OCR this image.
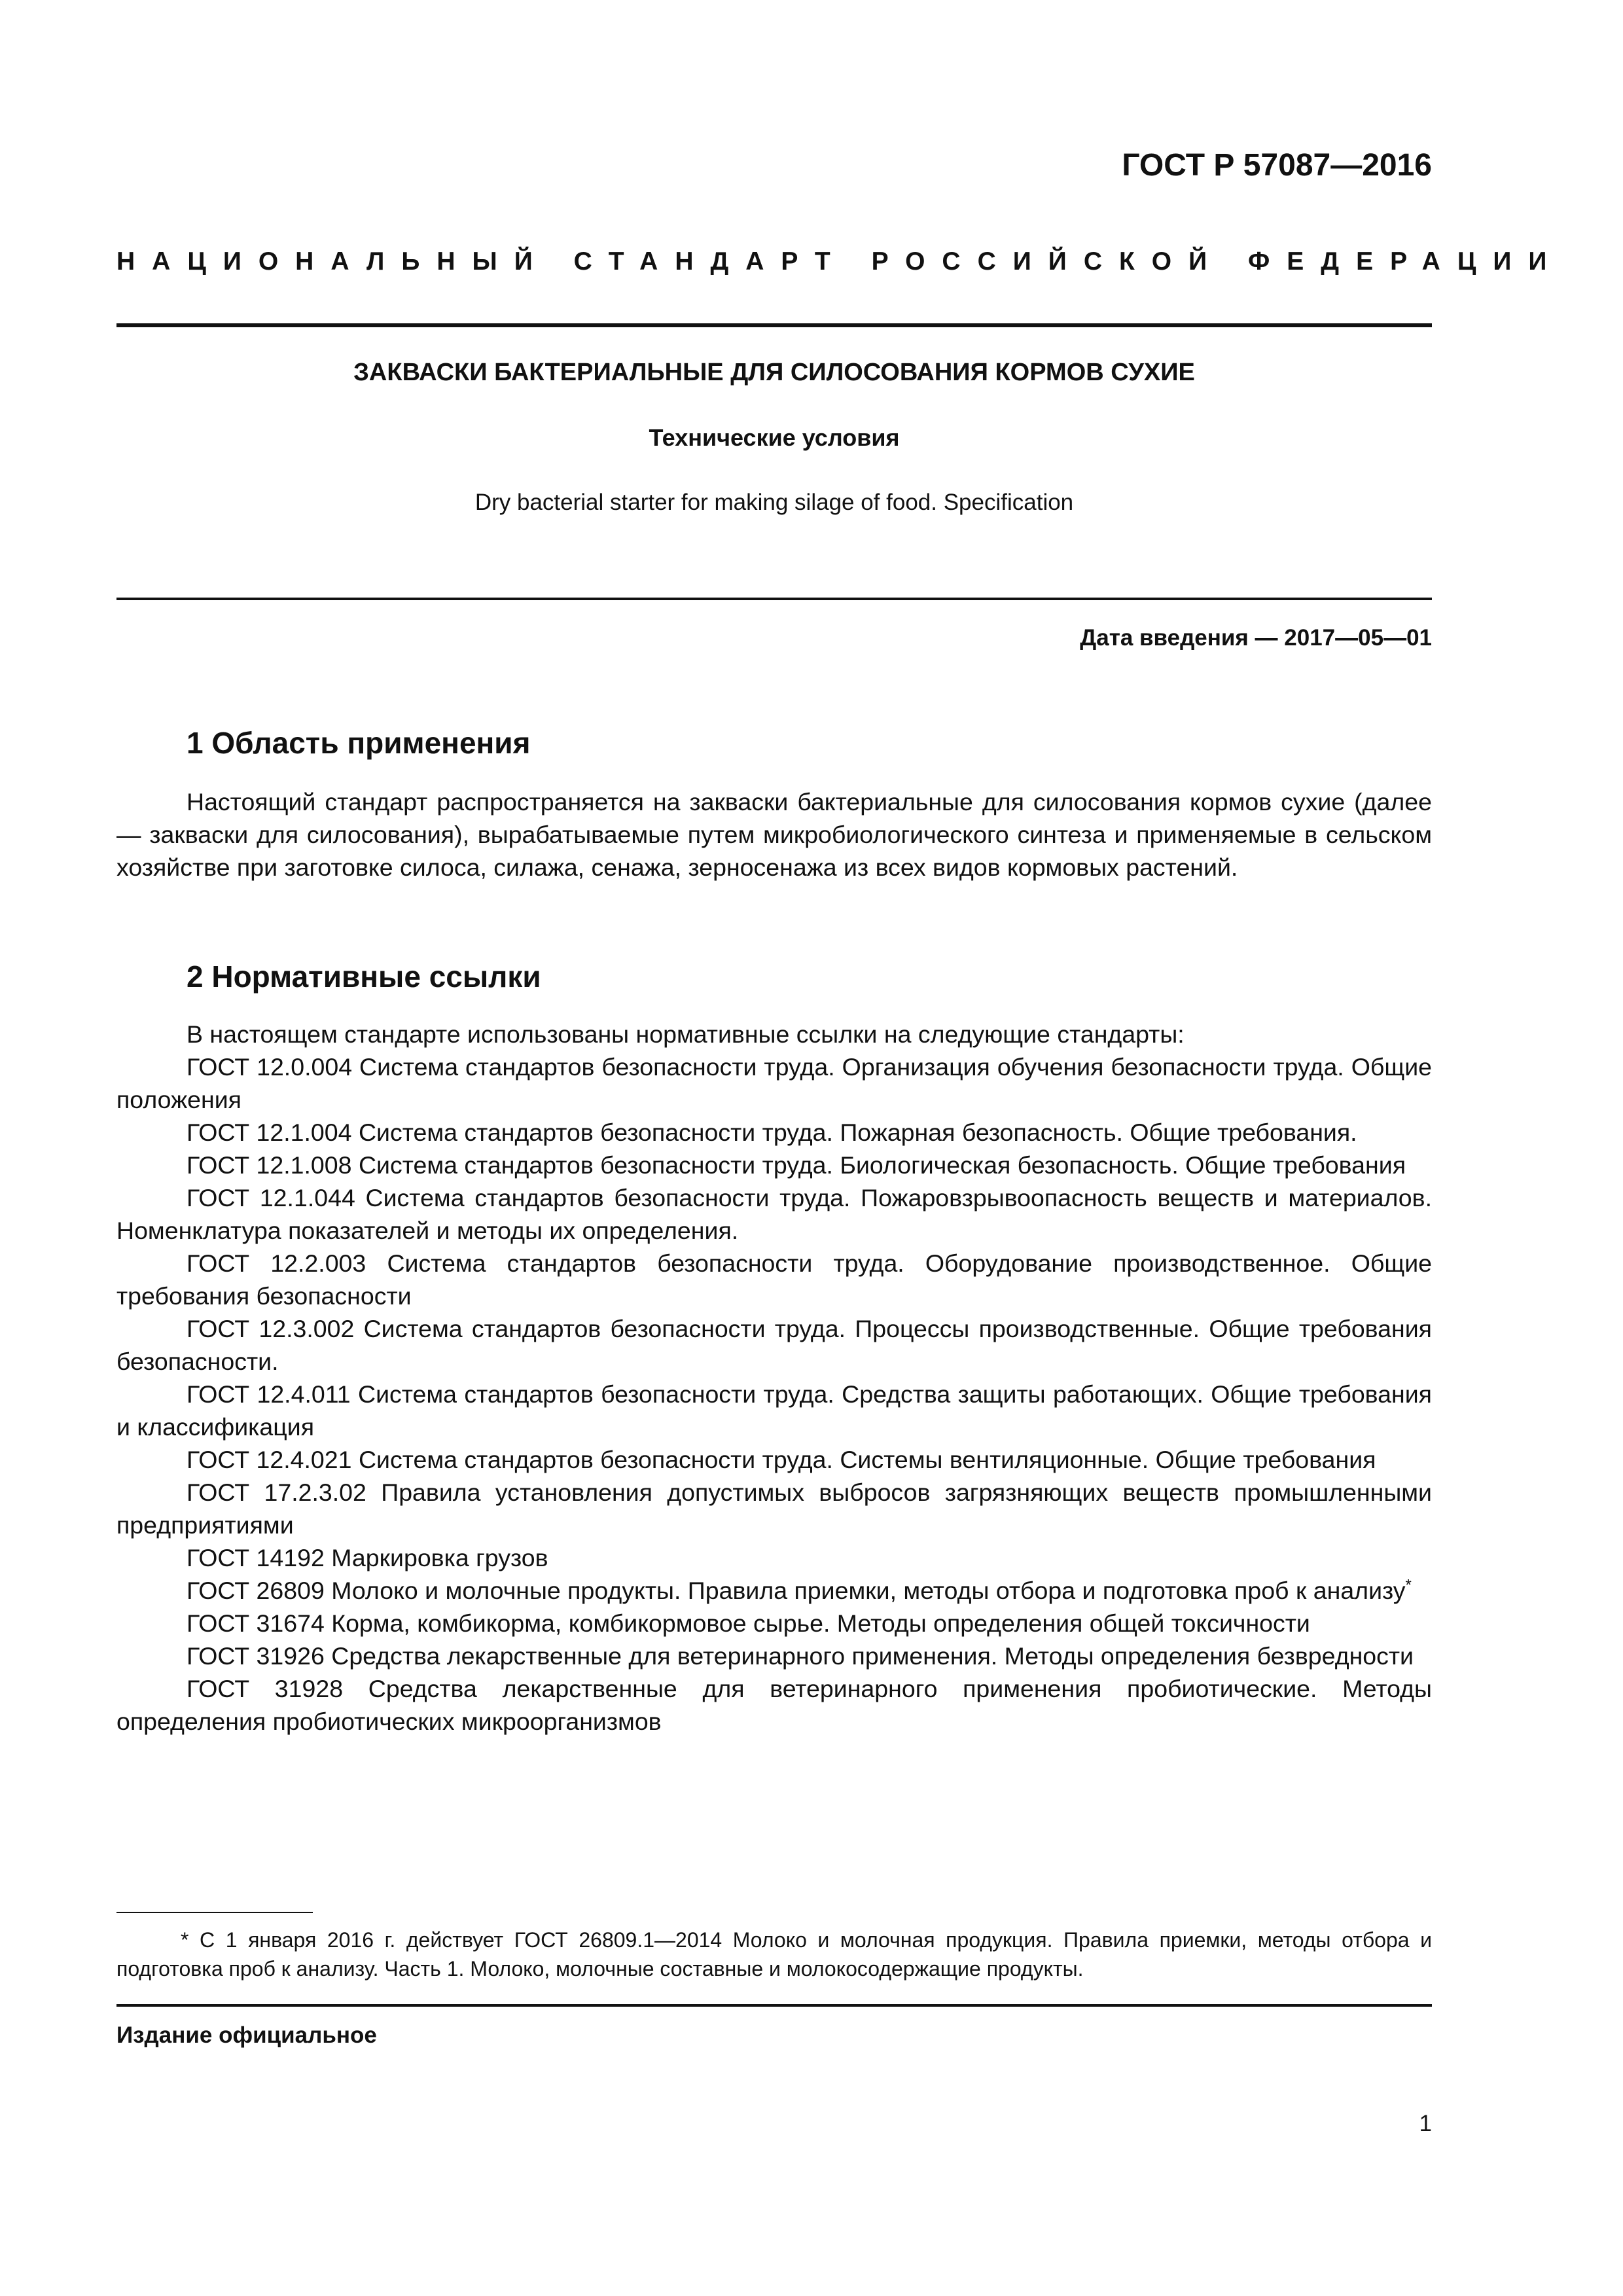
ГОСТ Р 57087—2016
НАЦИОНАЛЬНЫЙ СТАНДАРТ РОССИЙСКОЙ ФЕДЕРАЦИИ
ЗАКВАСКИ БАКТЕРИАЛЬНЫЕ ДЛЯ СИЛОСОВАНИЯ КОРМОВ СУХИЕ
Технические условия
Dry bacterial starter for making silage of food. Specification
Дата введения — 2017—05—01
1 Область применения

Настоящий стандарт распространяется на закваски бактериальные для силосования кормов сухие (далее — закваски для силосования), вырабатываемые путем микробиологического синтеза и применяемые в сельском хозяйстве при заготовке силоса, силажа, сенажа, зерносенажа из всех видов кормовых растений.

2 Нормативные ссылки

В настоящем стандарте использованы нормативные ссылки на следующие стандарты:

ГОСТ 12.0.004 Система стандартов безопасности труда. Организация обучения безопасности труда. Общие положения

ГОСТ 12.1.004 Система стандартов безопасности труда. Пожарная безопасность. Общие требования.

ГОСТ 12.1.008 Система стандартов безопасности труда. Биологическая безопасность. Общие требования

ГОСТ 12.1.044 Система стандартов безопасности труда. Пожаровзрывоопасность веществ и материалов. Номенклатура показателей и методы их определения.

ГОСТ 12.2.003 Система стандартов безопасности труда. Оборудование производственное. Общие требования безопасности

ГОСТ 12.3.002 Система стандартов безопасности труда. Процессы производственные. Общие требования безопасности.

ГОСТ 12.4.011 Система стандартов безопасности труда. Средства защиты работающих. Общие требования и классификация

ГОСТ 12.4.021 Система стандартов безопасности труда. Системы вентиляционные. Общие требования

ГОСТ 17.2.3.02 Правила установления допустимых выбросов загрязняющих веществ промышленными предприятиями

ГОСТ 14192 Маркировка грузов

ГОСТ 26809 Молоко и молочные продукты. Правила приемки, методы отбора и подготовка проб к анализу*

ГОСТ 31674 Корма, комбикорма, комбикормовое сырье. Методы определения общей токсичности

ГОСТ 31926 Средства лекарственные для ветеринарного применения. Методы определения безвредности

ГОСТ 31928 Средства лекарственные для ветеринарного применения пробиотические. Методы определения пробиотических микроорганизмов

* С 1 января 2016 г. действует ГОСТ 26809.1—2014 Молоко и молочная продукция. Правила приемки, методы отбора и подготовка проб к анализу. Часть 1. Молоко, молочные составные и молокосодержащие продукты.

Издание официальное
1
